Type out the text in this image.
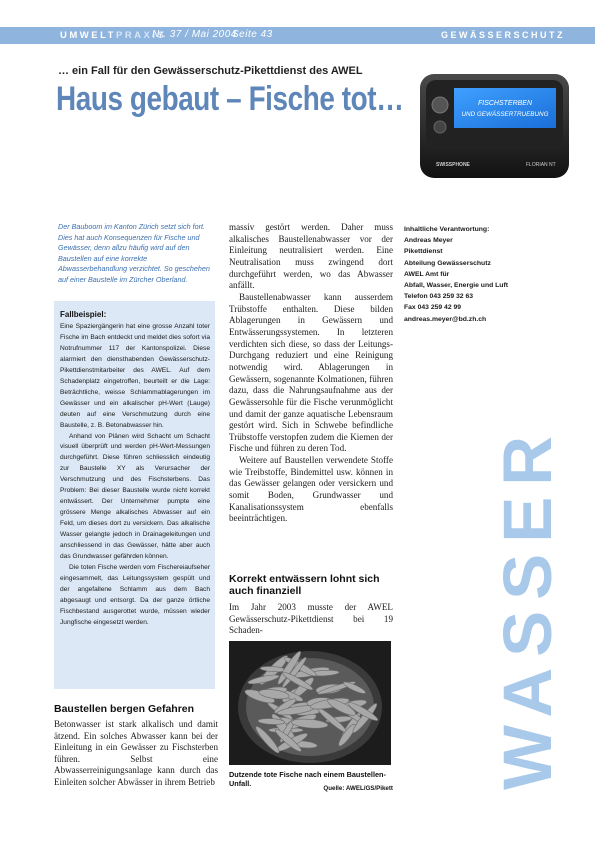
UMWELTPRAXIS
Nr. 37 / Mai 2004
Seite 43	GEWÄSSERSCHUTZ
… ein Fall für den Gewässerschutz-Pikettdienst des AWEL
Haus gebaut – Fische tot…	FISCHSTERBEN
UND GEWÄSSERTRUEBUNG
SWISSPHONE	FLORIAN NT
Der Bauboom im Kanton Zürich setzt sich fort. Dies hat auch Konsequenzen für Fische und Gewässer, denn allzu häufig wird auf den Baustellen auf eine korrekte Abwasserbehandlung verzichtet. So geschehen auf einer Baustelle im Zürcher Oberland.
Fallbeispiel:

Eine Spaziergängerin hat eine grosse Anzahl toter Fische im Bach entdeckt und meldet dies sofort via Notrufnummer 117 der Kantonspolizei. Diese alarmiert den diensthabenden Gewässerschutz-Pikettdienstmitarbeiter des AWEL. Auf dem Schadenplatz eingetroffen, beurteilt er die Lage: Beträchtliche, weisse Schlammablagerungen im Gewässer und ein alkalischer pH-Wert (Lauge) deuten auf eine Verschmutzung durch eine Baustelle, z. B. Betonabwasser hin.

Anhand von Plänen wird Schacht um Schacht visuell überprüft und werden pH-Wert-Messungen durchgeführt. Diese führen schliesslich eindeutig zur Baustelle XY als Verursacher der Verschmutzung und des Fischsterbens. Das Problem: Bei dieser Baustelle wurde nicht korrekt entwässert. Der Unternehmer pumpte eine grössere Menge alkalisches Abwasser auf ein Feld, um dieses dort zu versickern. Das alkalische Wasser gelangte jedoch in Drainageleitungen und anschliessend in das Gewässer, hätte aber auch das Grundwasser gefährden können.

Die toten Fische werden vom Fischereiaufseher eingesammelt, das Leitungssystem gespült und der angefallene Schlamm aus dem Bach abgesaugt und entsorgt. Da der ganze örtliche Fischbestand ausgerottet wurde, müssen wieder Jungfische eingesetzt werden.

Baustellen bergen Gefahren
Betonwasser ist stark alkalisch und damit ätzend. Ein solches Abwasser kann bei der Einleitung in ein Gewässer zu Fischsterben führen. Selbst eine Abwasserreinigungsanlage kann durch das Einleiten solcher Abwässer in ihrem Betrieb

massiv gestört werden. Daher muss alkalisches Baustellenabwasser vor der Einleitung neutralisiert werden. Eine Neutralisation muss zwingend dort durchgeführt werden, wo das Abwasser anfällt.

Baustellenabwasser kann ausserdem Trübstoffe enthalten. Diese bilden Ablagerungen in Gewässern und Entwässerungssystemen. In letzteren verdichten sich diese, so dass der Leitungs-Durchgang reduziert und eine Reinigung notwendig wird. Ablagerungen in Gewässern, sogenannte Kolmationen, führen dazu, dass die Nahrungsaufnahme aus der Gewässersohle für die Fische verunmöglicht und damit der ganze aquatische Lebensraum gestört wird. Sich in Schwebe befindliche Trübstoffe verstopfen zudem die Kiemen der Fische und führen zu deren Tod.

Weitere auf Baustellen verwendete Stoffe wie Treibstoffe, Bindemittel usw. können in das Gewässer gelangen oder versickern und somit Boden, Grundwasser und Kanalisationssystem ebenfalls beeinträchtigen.

Korrekt entwässern lohnt sich auch finanziell
Im Jahr 2003 musste der AWEL Gewässerschutz-Pikettdienst bei 19 Schaden-
Dutzende tote Fische nach einem Baustellen-Unfall.
Quelle: AWEL/GS/Pikett
Inhaltliche Verantwortung:
Andreas Meyer
Pikettdienst
Abteilung Gewässerschutz
AWEL Amt für
Abfall, Wasser, Energie und Luft
Telefon 043 259 32 63
Fax 043 259 42 99
andreas.meyer@bd.zh.ch
WASSER
